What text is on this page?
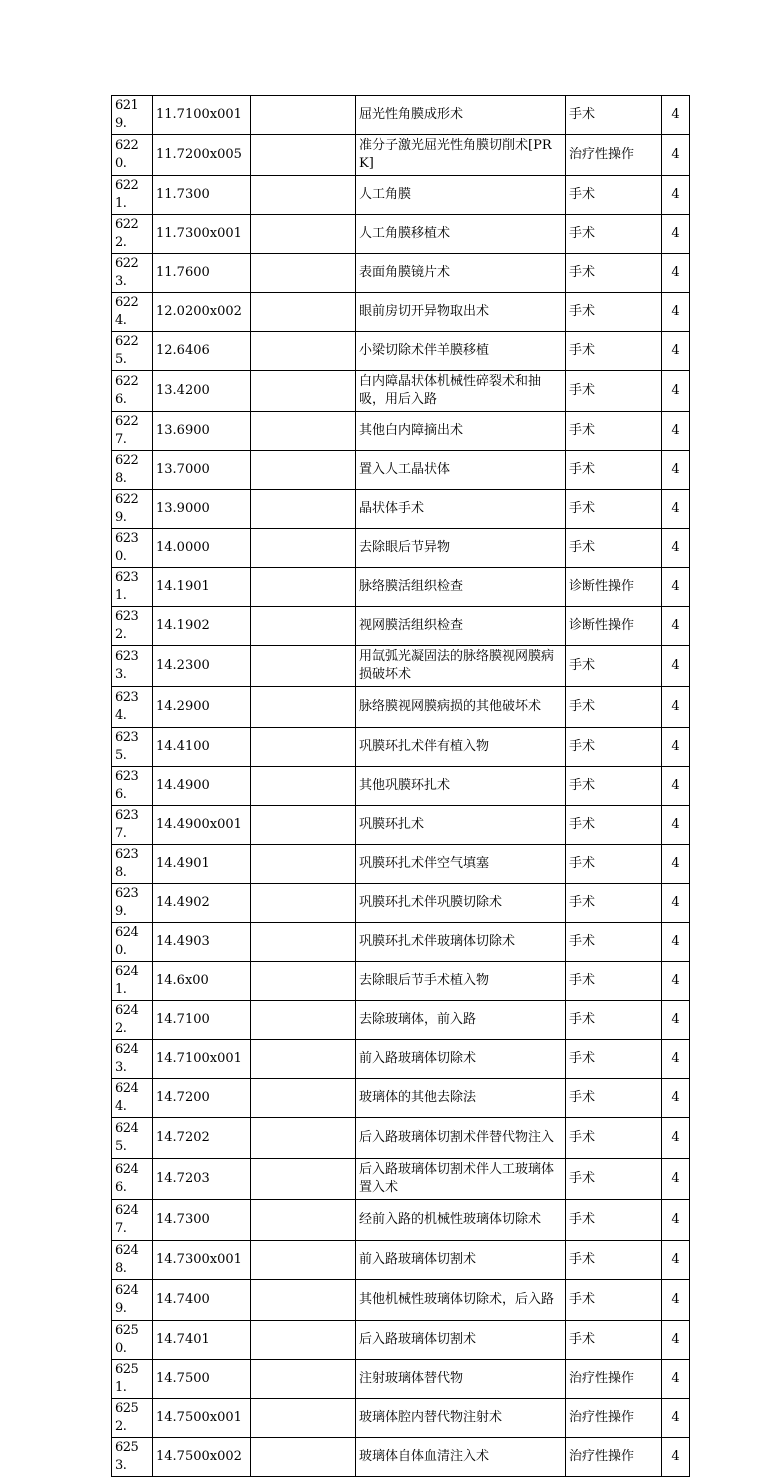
6219.	11.7100x001		屈光性角膜成形术	手术	4
6220.	11.7200x005		准分子激光屈光性角膜切削术[PRK]	治疗性操作	4
6221.	11.7300		人工角膜	手术	4
6222.	11.7300x001		人工角膜移植术	手术	4
6223.	11.7600		表面角膜镜片术	手术	4
6224.	12.0200x002		眼前房切开异物取出术	手术	4
6225.	12.6406		小梁切除术伴羊膜移植	手术	4
6226.	13.4200		白内障晶状体机械性碎裂术和抽吸，用后入路	手术	4
6227.	13.6900		其他白内障摘出术	手术	4
6228.	13.7000		置入人工晶状体	手术	4
6229.	13.9000		晶状体手术	手术	4
6230.	14.0000		去除眼后节异物	手术	4
6231.	14.1901		脉络膜活组织检查	诊断性操作	4
6232.	14.1902		视网膜活组织检查	诊断性操作	4
6233.	14.2300		用氙弧光凝固法的脉络膜视网膜病损破坏术	手术	4
6234.	14.2900		脉络膜视网膜病损的其他破坏术	手术	4
6235.	14.4100		巩膜环扎术伴有植入物	手术	4
6236.	14.4900		其他巩膜环扎术	手术	4
6237.	14.4900x001		巩膜环扎术	手术	4
6238.	14.4901		巩膜环扎术伴空气填塞	手术	4
6239.	14.4902		巩膜环扎术伴巩膜切除术	手术	4
6240.	14.4903		巩膜环扎术伴玻璃体切除术	手术	4
6241.	14.6x00		去除眼后节手术植入物	手术	4
6242.	14.7100		去除玻璃体，前入路	手术	4
6243.	14.7100x001		前入路玻璃体切除术	手术	4
6244.	14.7200		玻璃体的其他去除法	手术	4
6245.	14.7202		后入路玻璃体切割术伴替代物注入	手术	4
6246.	14.7203		后入路玻璃体切割术伴人工玻璃体置入术	手术	4
6247.	14.7300		经前入路的机械性玻璃体切除术	手术	4
6248.	14.7300x001		前入路玻璃体切割术	手术	4
6249.	14.7400		其他机械性玻璃体切除术，后入路	手术	4
6250.	14.7401		后入路玻璃体切割术	手术	4
6251.	14.7500		注射玻璃体替代物	治疗性操作	4
6252.	14.7500x001		玻璃体腔内替代物注射术	治疗性操作	4
6253.	14.7500x002		玻璃体自体血清注入术	治疗性操作	4
